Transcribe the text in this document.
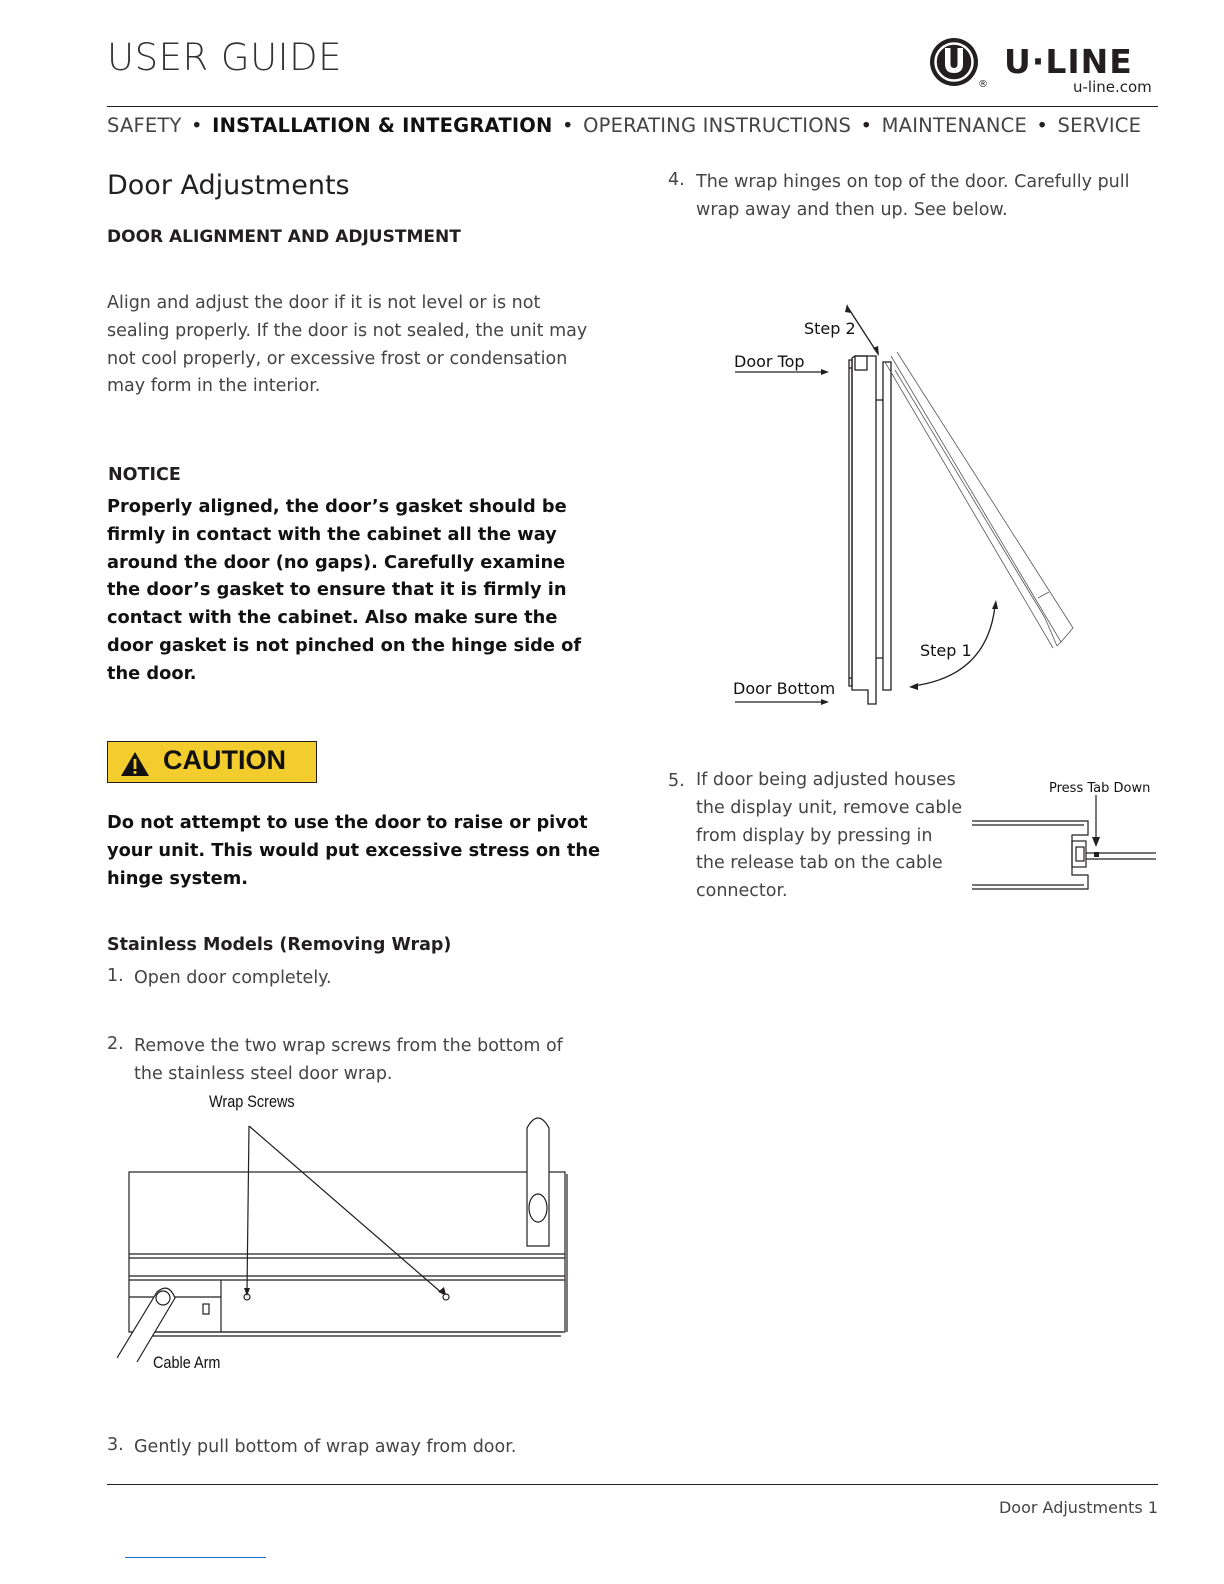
USER GUIDE
®
U·LINE
u-line.com
SAFETY • INSTALLATION & INTEGRATION • OPERATING INSTRUCTIONS • MAINTENANCE • SERVICE
Door Adjustments
DOOR ALIGNMENT AND ADJUSTMENT
Align and adjust the door if it is not level or is not sealing properly. If the door is not sealed, the unit may not cool properly, or excessive frost or condensation may form in the interior.
NOTICE
Properly aligned, the door’s gasket should be firmly in contact with the cabinet all the way around the door (no gaps). Carefully examine the door’s gasket to ensure that it is firmly in contact with the cabinet. Also make sure the door gasket is not pinched on the hinge side of the door.
CAUTION
Do not attempt to use the door to raise or pivot your unit. This would put excessive stress on the hinge system.
Stainless Models (Removing Wrap)
1. Open door completely.
2. Remove the two wrap screws from the bottom of the stainless steel door wrap.
Wrap Screws
Cable Arm
3. Gently pull bottom of wrap away from door.
4. The wrap hinges on top of the door. Carefully pull wrap away and then up. See below.
Step 2
Door Top
Step 1
Door Bottom
5. If door being adjusted houses the display unit, remove cable from display by pressing in the release tab on the cable connector.
Press Tab Down
Door Adjustments 1
